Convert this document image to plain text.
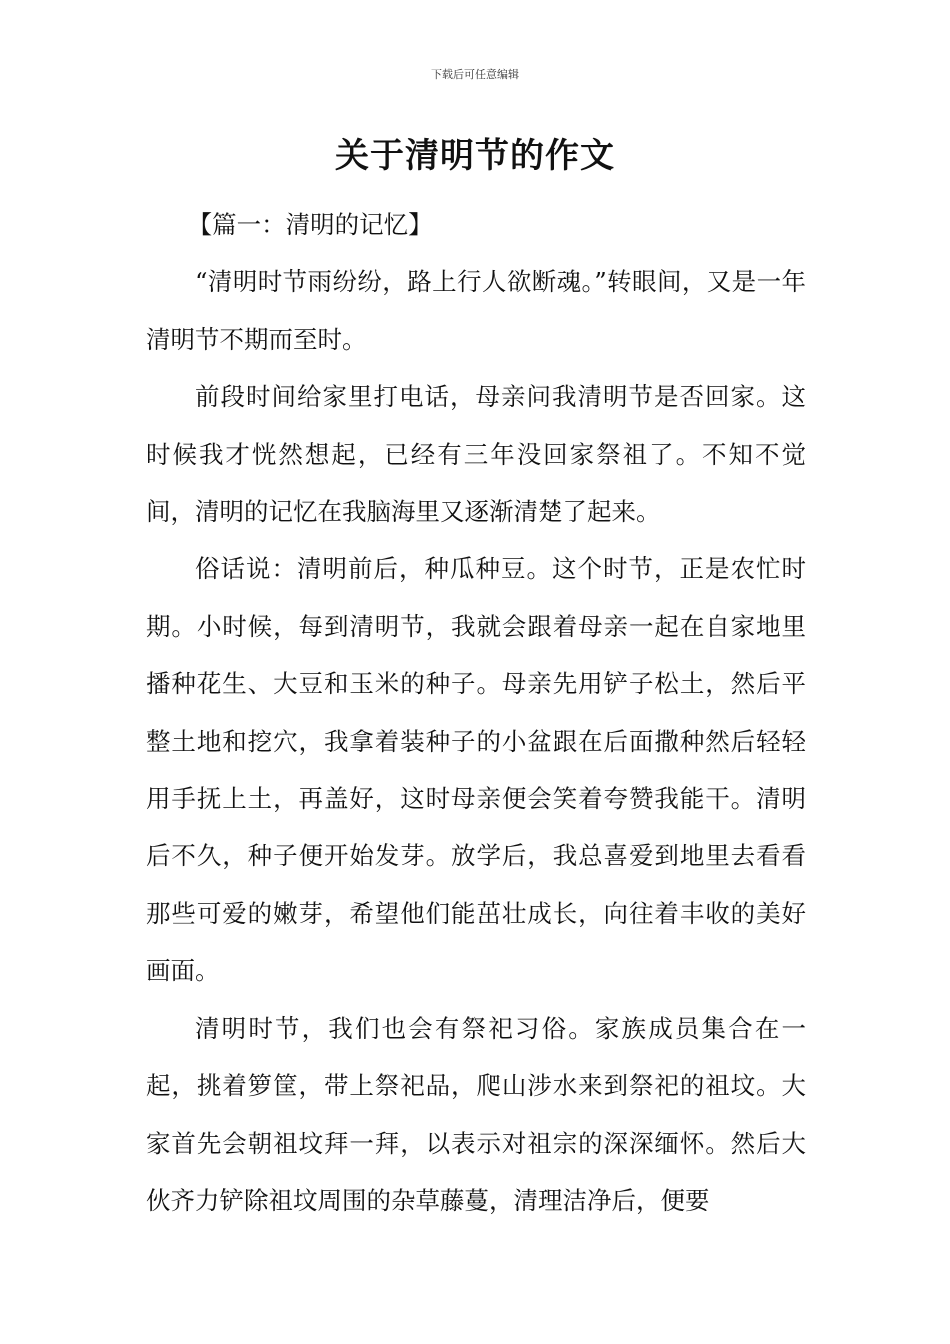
下载后可任意编辑
关于清明节的作文

【篇一：清明的记忆】

“清明时节雨纷纷，路上行人欲断魂。”转眼间，又是一年清明节不期而至时。

前段时间给家里打电话，母亲问我清明节是否回家。这时候我才恍然想起，已经有三年没回家祭祖了。不知不觉间，清明的记忆在我脑海里又逐渐清楚了起来。

俗话说：清明前后，种瓜种豆。这个时节，正是农忙时期。小时候，每到清明节，我就会跟着母亲一起在自家地里播种花生、大豆和玉米的种子。母亲先用铲子松土，然后平整土地和挖穴，我拿着装种子的小盆跟在后面撒种然后轻轻用手抚上土，再盖好，这时母亲便会笑着夸赞我能干。清明后不久，种子便开始发芽。放学后，我总喜爱到地里去看看那些可爱的嫩芽，希望他们能茁壮成长，向往着丰收的美好画面。

清明时节，我们也会有祭祀习俗。家族成员集合在一起，挑着箩筐，带上祭祀品，爬山涉水来到祭祀的祖坟。大家首先会朝祖坟拜一拜，以表示对祖宗的深深缅怀。然后大伙齐力铲除祖坟周围的杂草藤蔓，清理洁净后，便要
